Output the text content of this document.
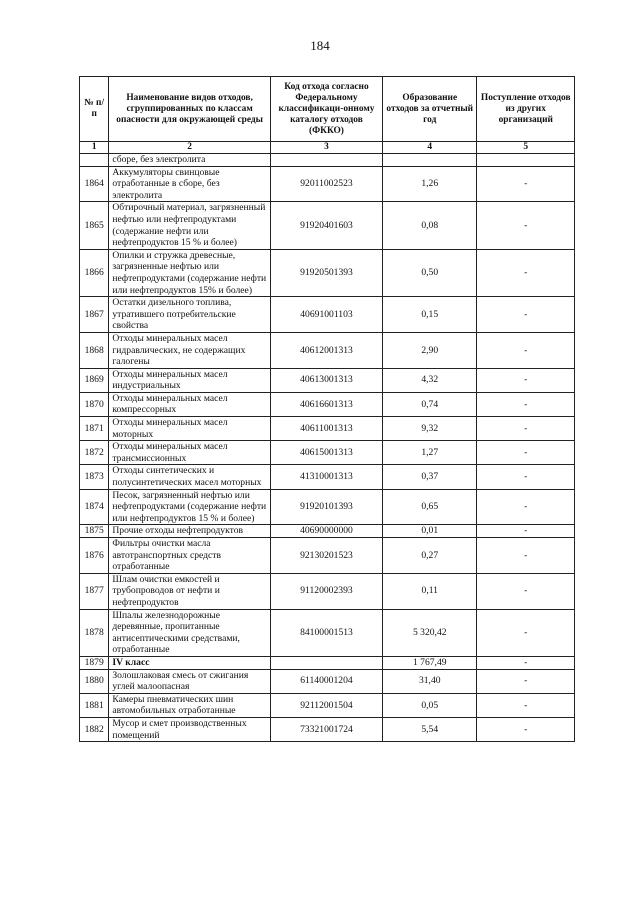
184
№ п/п	Наименование видов отходов, сгруппированных по классам опасности для окружающей среды	Код отхода согласно Федеральному классификаци-онному каталогу отходов (ФККО)	Образование отходов за отчетный год	Поступление отходов из других организаций
1	2	3	4	5
	сборе, без электролита			
1864	Аккумуляторы свинцовые отработанные в сборе, без электролита	92011002523	1,26	-
1865	Обтирочный материал, загрязненный нефтью или нефтепродуктами (содержание нефти или нефтепродуктов 15 % и более)	91920401603	0,08	-
1866	Опилки и стружка древесные, загрязненные нефтью или нефтепродуктами (содержание нефти или нефтепродуктов 15% и более)	91920501393	0,50	-
1867	Остатки дизельного топлива, утратившего потребительские свойства	40691001103	0,15	-
1868	Отходы минеральных масел гидравлических, не содержащих галогены	40612001313	2,90	-
1869	Отходы минеральных масел индустриальных	40613001313	4,32	-
1870	Отходы минеральных масел компрессорных	40616601313	0,74	-
1871	Отходы минеральных масел моторных	40611001313	9,32	-
1872	Отходы минеральных масел трансмиссионных	40615001313	1,27	-
1873	Отходы синтетических и полусинтетических масел моторных	41310001313	0,37	-
1874	Песок, загрязненный нефтью или нефтепродуктами (содержание нефти или нефтепродуктов 15 % и более)	91920101393	0,65	-
1875	Прочие отходы нефтепродуктов	40690000000	0,01	-
1876	Фильтры очистки масла автотранспортных средств отработанные	92130201523	0,27	-
1877	Шлам очистки емкостей и трубопроводов от нефти и нефтепродуктов	91120002393	0,11	-
1878	Шпалы железнодорожные деревянные, пропитанные антисептическими средствами, отработанные	84100001513	5 320,42	-
1879	IV класс		1 767,49	-
1880	Золошлаковая смесь от сжигания углей малоопасная	61140001204	31,40	-
1881	Камеры пневматических шин автомобильных отработанные	92112001504	0,05	-
1882	Мусор и смет производственных помещений	73321001724	5,54	-
